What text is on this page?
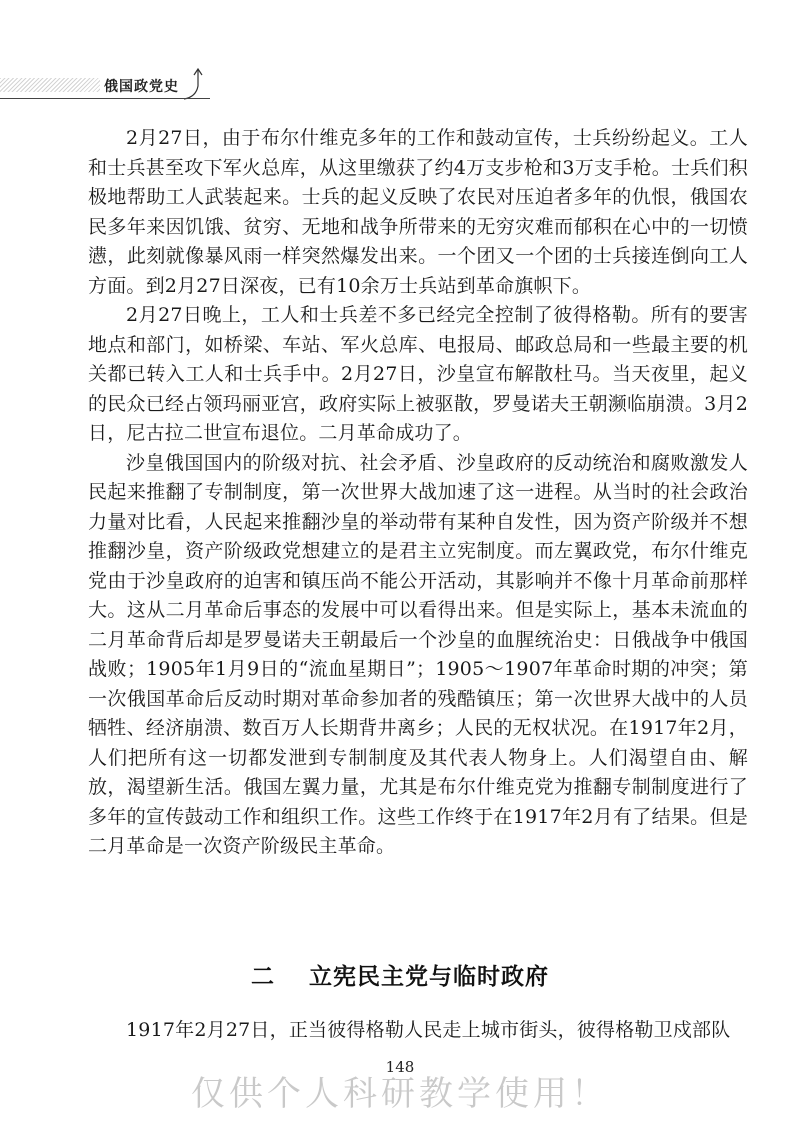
俄国政党史

2月27日，由于布尔什维克多年的工作和鼓动宣传，士兵纷纷起义。工人和士兵甚至攻下军火总库，从这里缴获了约4万支步枪和3万支手枪。士兵们积极地帮助工人武装起来。士兵的起义反映了农民对压迫者多年的仇恨，俄国农民多年来因饥饿、贫穷、无地和战争所带来的无穷灾难而郁积在心中的一切愤懑，此刻就像暴风雨一样突然爆发出来。一个团又一个团的士兵接连倒向工人方面。到2月27日深夜，已有10余万士兵站到革命旗帜下。

2月27日晚上，工人和士兵差不多已经完全控制了彼得格勒。所有的要害地点和部门，如桥梁、车站、军火总库、电报局、邮政总局和一些最主要的机关都已转入工人和士兵手中。2月27日，沙皇宣布解散杜马。当天夜里，起义的民众已经占领玛丽亚宫，政府实际上被驱散，罗曼诺夫王朝濒临崩溃。3月2日，尼古拉二世宣布退位。二月革命成功了。

沙皇俄国国内的阶级对抗、社会矛盾、沙皇政府的反动统治和腐败激发人民起来推翻了专制制度，第一次世界大战加速了这一进程。从当时的社会政治力量对比看，人民起来推翻沙皇的举动带有某种自发性，因为资产阶级并不想推翻沙皇，资产阶级政党想建立的是君主立宪制度。而左翼政党，布尔什维克党由于沙皇政府的迫害和镇压尚不能公开活动，其影响并不像十月革命前那样大。这从二月革命后事态的发展中可以看得出来。但是实际上，基本未流血的二月革命背后却是罗曼诺夫王朝最后一个沙皇的血腥统治史：日俄战争中俄国战败；1905年1月9日的“流血星期日”；1905～1907年革命时期的冲突；第一次俄国革命后反动时期对革命参加者的残酷镇压；第一次世界大战中的人员牺牲、经济崩溃、数百万人长期背井离乡；人民的无权状况。在1917年2月，人们把所有这一切都发泄到专制制度及其代表人物身上。人们渴望自由、解放，渴望新生活。俄国左翼力量，尤其是布尔什维克党为推翻专制制度进行了多年的宣传鼓动工作和组织工作。这些工作终于在1917年2月有了结果。但是二月革命是一次资产阶级民主革命。

二 立宪民主党与临时政府

1917年2月27日，正当彼得格勒人民走上城市街头，彼得格勒卫戍部队

148
仅供个人科研教学使用！
